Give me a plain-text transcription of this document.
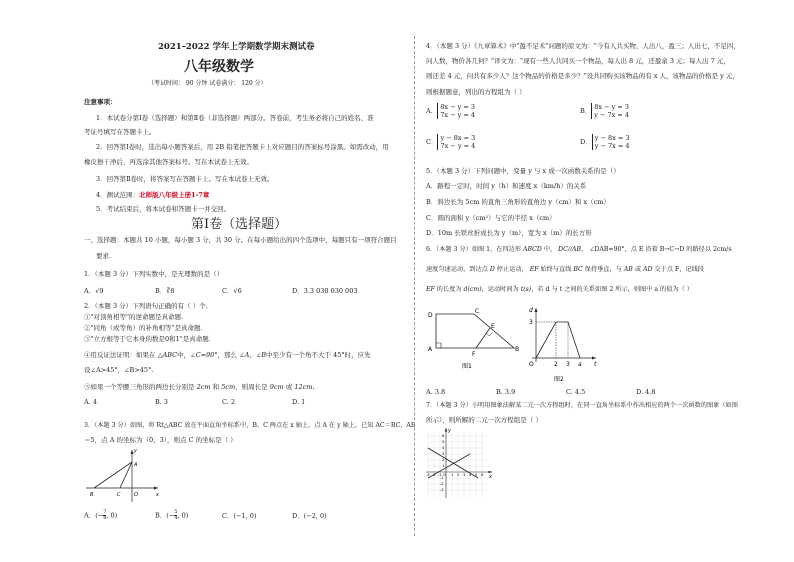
2021–2022 学年上学期数学期末测试卷
八年级数学
（考试时间： 90 分钟 试卷满分： 120 分）
注意事项：
1．本试卷分第Ⅰ卷（选择题）和第Ⅱ卷（非选择题）两部分。答卷前，考生务必将自己的姓名、准
考证号填写在答题卡上。
2．回答第Ⅰ卷时，选出每小题答案后，用 2B 铅笔把答题卡上对应题目的答案标号涂黑。如需改动，用
橡皮擦干净后，再选涂其他答案标号。写在本试卷上无效。
3．回答第Ⅱ卷时，将答案写在答题卡上。写在本试卷上无效。
4．测试范围：北师版八年级上册1-7章
5．考试结束后，将本试卷和答题卡一并交回。
第Ⅰ卷（选择题）
一、选择题：本题共 10 小题，每小题 3 分，共 30 分。在每小题给出的四个选项中，每题只有一项符合题目
要求.
1．（本题 3 分）下列实数中，是无理数的是（）
A．√9	B．∛8	C．√6	D．3.3 030 030 003
2．（本题 3 分）下列语句正确的有（ ）个.
①"对顶角相等"的逆命题是真命题.
②"同角（或等角）的补角相等"是真命题.
③"立方根等于它本身的数是0和1"是真命题.
④用反证法证明：如果在 △ABC中，∠C=90°，那么 ∠A、∠B中至少有一个角不大于 45°时，应先
设∠A>45°，∠B>45°.
⑤如果一个等腰三角形的两边长分别是 2cm 和 5cm，则周长是 9cm 或 12cm.
A. 4	B. 3	C. 2	D. 1
3．（本题 3 分）如图，将 Rt△ABC 放在平面直角坐标系中，B、C 两点在 x 轴上，点 A 在 y 轴上，已知 AC＝BC，AB
＝5，点 A 的坐标为（0，3），则点 C 的坐标是（ ）
y
A
B	C	O	x
A．(− $\frac{7}{8}$ , 0)	B．(− $\frac{5}{4}$ , 0)	C．(−1, 0)	D．(−2, 0)
4．（本题 3 分）《九章算术》中"盈不足术"问题的原文为："今有人共买物，人出八，盈三；人出七，不足四，
问人数，物价各几何？"译文为："现有一些人共同买一个物品，每人出 8 元，还盈余 3 元；每人出 7 元，
则还差 4 元，问共有多少人？这个物品的价格是多少？"设共同购买该物品的有 x 人，该物品的价格是 y 元，
则根据题意，列出的方程组为（ ）
A．
8x − y = 3
7x − y = 4	B．
8x − y = 3
y − 7x = 4
C．
y − 8x = 3
7x − y = 4	D．
y − 8x = 3
y − 7x = 4
5．（本题 3 分）下列问题中，变量 y 与 x 成一次函数关系的是（）
A．路程一定时，时间 y（h）和速度 x（km/h）的关系
B．斜边长为 5cm 的直角三角形的直角边 y（cm）和 x（cm）
C．圆的面积 y（cm²）与它的半径 x（cm）
D．10m 长铁丝折成长为 y（m），宽为 x（m）的长方形
6．（本题 3 分）如图 1，在四边形 ABCD 中， DC//AB， ∠DAB=90°，点 E 沿着 B→C→D 的路径以 2cm/s
速度匀速运动，到达点 D 停止运动， EF 始终与直线 BC 保持垂直，与 AB 或 AD 交于点 F，记线段
EF 的长度为 d(cm)，运动时间为 t(s)，若 d 与 t 之间的关系如图 2 所示，则图中 a 的值为（ ）
D
C
E
A
F
B
图1
d
3
O	2 3 a t
图2
A. 3.8	B. 3.9	C. 4.5	D. 4.8
7．（本题 3 分）小明用图象法解某二元一次方程组时，在同一直角坐标系中作出相应的两个一次函数的图象（如图
所示），则所解的二元一次方程组是（ ）
x
y
-3 -2 -1 O 1 2 3 4 5 6
6
5
4
3
2
1
-1
-2
-3
